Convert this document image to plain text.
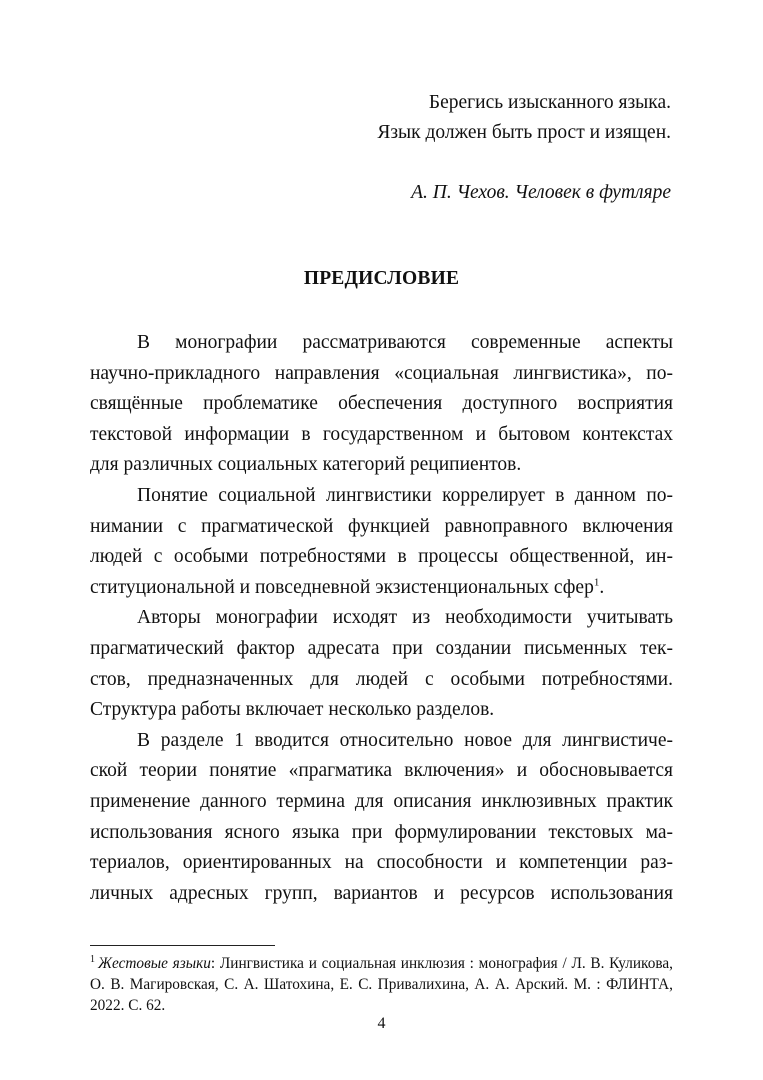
Берегись изысканного языка.
Язык должен быть прост и изящен.
А. П. Чехов. Человек в футляре
ПРЕДИСЛОВИЕ

В монографии рассматриваются современные аспекты
научно-прикладного направления «социальная лингвистика», по-
свящённые проблематике обеспечения доступного восприятия
текстовой информации в государственном и бытовом контекстах
для различных социальных категорий реципиентов.

Понятие социальной лингвистики коррелирует в данном по-
нимании с прагматической функцией равноправного включения
людей с особыми потребностями в процессы общественной, ин-
ституциональной и повседневной экзистенциональных сфер$^1$.

Авторы монографии исходят из необходимости учитывать
прагматический фактор адресата при создании письменных тек-
стов, предназначенных для людей с особыми потребностями.
Структура работы включает несколько разделов.

В разделе 1 вводится относительно новое для лингвистиче-
ской теории понятие «прагматика включения» и обосновывается
применение данного термина для описания инклюзивных практик
использования ясного языка при формулировании текстовых ма-
териалов, ориентированных на способности и компетенции раз-
личных адресных групп, вариантов и ресурсов использования

$^1$ Жестовые языки: Лингвистика и социальная инклюзия : монография / Л. В. Куликова,
О. В. Магировская, С. А. Шатохина, Е. С. Привалихина, А. А. Арский. М. : ФЛИНТА,
2022. С. 62.
4
